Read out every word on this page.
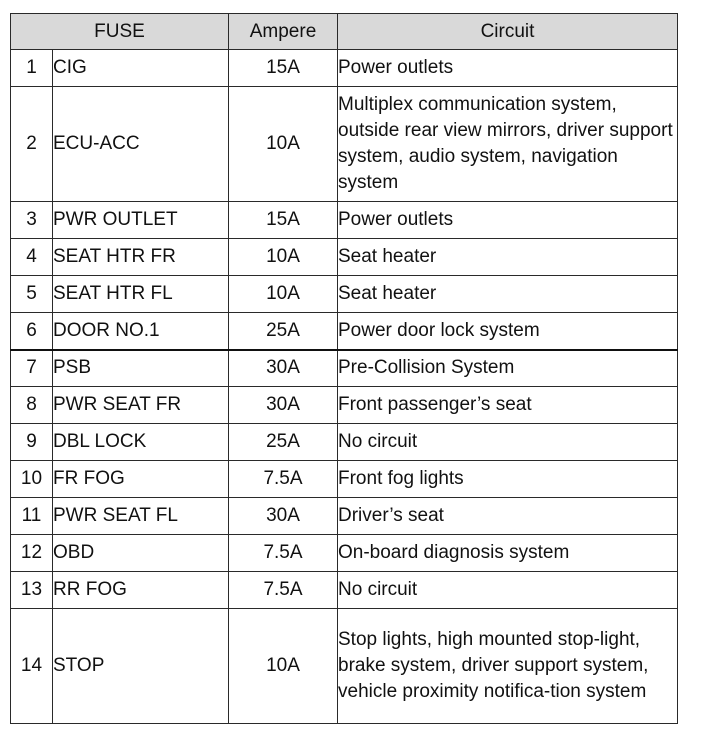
FUSE		Ampere	Circuit
1	CIG	15A	Power outlets
2	ECU-ACC	10A	Multiplex communication system, outside rear view mirrors, driver support system, audio system, navigation system
3	PWR OUTLET	15A	Power outlets
4	SEAT HTR FR	10A	Seat heater
5	SEAT HTR FL	10A	Seat heater
6	DOOR NO.1	25A	Power door lock system
7	PSB	30A	Pre-Collision System
8	PWR SEAT FR	30A	Front passenger’s seat
9	DBL LOCK	25A	No circuit
10	FR FOG	7.5A	Front fog lights
11	PWR SEAT FL	30A	Driver’s seat
12	OBD	7.5A	On-board diagnosis system
13	RR FOG	7.5A	No circuit
14	STOP	10A	Stop lights, high mounted stop-light, brake system, driver support system, vehicle proximity notifica-tion system
